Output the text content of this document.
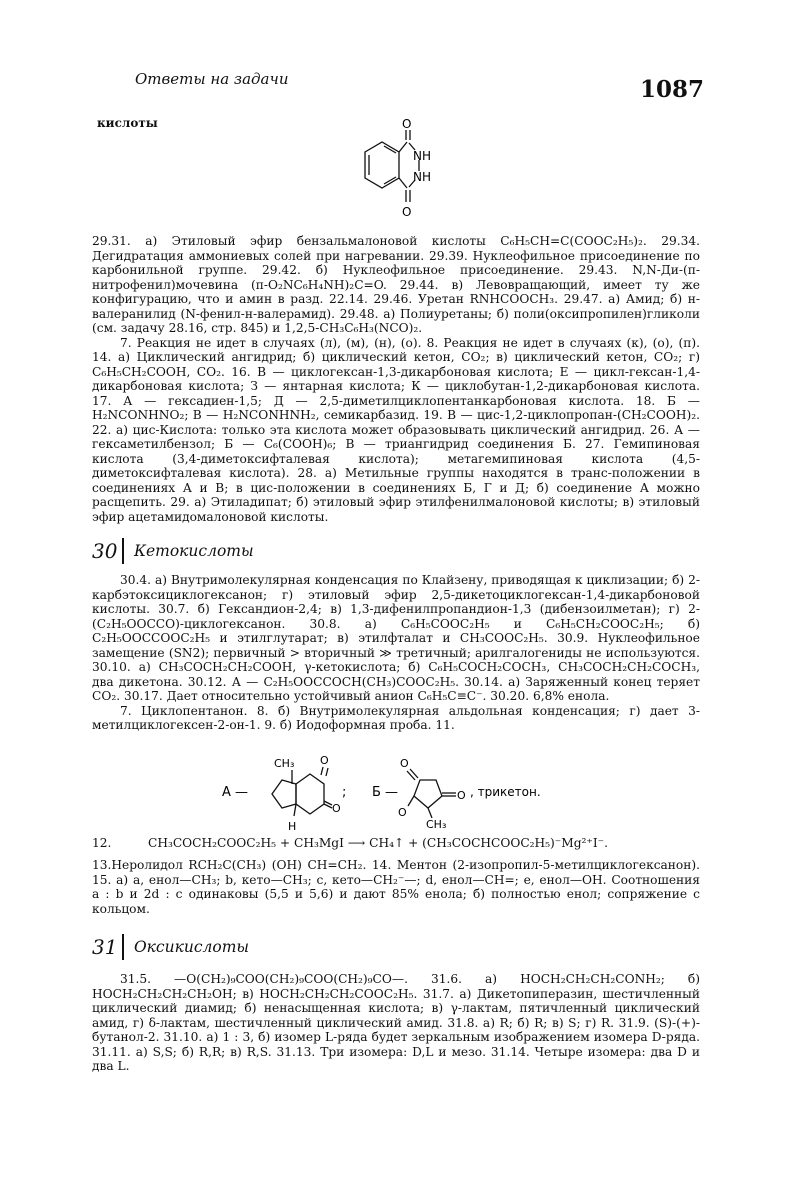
Ответы на задачи	1087
кислоты	O
NH
NH
O

29.31. а) Этиловый эфир бензальмалоновой кислоты C₆H₅CH=C(COOC₂H₅)₂. 29.34. Дегидратация аммониевых солей при нагревании. 29.39. Нуклеофильное присоединение по карбонильной группе. 29.42. б) Нуклеофильное присоединение. 29.43. N,N-Ди-(п-нитрофенил)мочевина (п-O₂NC₆H₄NH)₂C=O. 29.44. в) Левовращающий, имеет ту же конфигурацию, что и амин в разд. 22.14. 29.46. Уретан RNHCOOCH₃. 29.47. а) Амид; б) н-валеранилид (N-фенил-н-валерамид). 29.48. а) Полиуретаны; б) поли(оксипропилен)гликоли (см. задачу 28.16, стр. 845) и 1,2,5-CH₃C₆H₃(NCO)₂.

7. Реакция не идет в случаях (л), (м), (н), (о). 8. Реакция не идет в случаях (к), (о), (п). 14. а) Циклический ангидрид; б) циклический кетон, CO₂; в) циклический кетон, CO₂; г) C₆H₅CH₂COOH, CO₂. 16. В — циклогексан-1,3-дикарбоновая кислота; Е — цикл-гексан-1,4-дикарбоновая кислота; З — янтарная кислота; К — циклобутан-1,2-дикарбоновая кислота. 17. А — гексадиен-1,5; Д — 2,5-диметилциклопентанкарбоновая кислота. 18. Б — H₂NCONHNO₂; В — H₂NCONHNH₂, семикарбазид. 19. В — цис-1,2-циклопропан-(CH₂COOH)₂. 22. а) цис-Кислота: только эта кислота может образовывать циклический ангидрид. 26. А — гексаметилбензол; Б — C₆(COOH)₆; В — триангидрид соединения Б. 27. Гемипиновая кислота (3,4-диметоксифталевая кислота); метагемипиновая кислота (4,5-диметоксифталевая кислота). 28. а) Метильные группы находятся в транс-положении в соединениях А и В; в цис-положении в соединениях Б, Г и Д; б) соединение А можно расщепить. 29. а) Этиладипат; б) этиловый эфир этилфенилмалоновой кислоты; в) этиловый эфир ацетамидомалоновой кислоты.

30 Кетокислоты

30.4. а) Внутримолекулярная конденсация по Клайзену, приводящая к циклизации; б) 2-карбэтоксициклогексанон; г) этиловый эфир 2,5-дикетоциклогексан-1,4-дикарбоновой кислоты. 30.7. б) Гександион-2,4; в) 1,3-дифенилпропандион-1,3 (дибензоилметан); г) 2-(C₂H₅OOCCO)-циклогексанон. 30.8. а) C₆H₅COOC₂H₅ и C₆H₅CH₂COOC₂H₅; б) C₂H₅OOCCOOC₂H₅ и этилглутарат; в) этилфталат и CH₃COOC₂H₅. 30.9. Нуклеофильное замещение (SN2); первичный > вторичный ≫ третичный; арилгалогениды не используются. 30.10. а) CH₃COCH₂CH₂COOH, γ-кетокислота; б) C₆H₅COCH₂COCH₃, CH₃COCH₂CH₂COCH₃, два дикетона. 30.12. А — C₂H₅OOCCOCH(CH₃)COOC₂H₅. 30.14. а) Заряженный конец теряет CO₂. 30.17. Дает относительно устойчивый анион C₆H₅C≡C⁻. 30.20. 6,8% енола.

7. Циклопентанон. 8. б) Внутримолекулярная альдольная конденсация; г) дает 3-метилциклогексен-2-он-1. 9. б) Иодоформная проба. 11.

А —
CH₃ O
O
H
; Б —
O
O
O
CH₃
, трикетон.
12.	CH₃COCH₂COOC₂H₅ + CH₃MgI ⟶ CH₄↑ + (CH₃COCHCOOC₂H₅)⁻Mg²⁺I⁻.

13.Неролидол RCH₂C(CH₃) (OH) CH=CH₂. 14. Ментон (2-изопропил-5-метилциклогексанон). 15. а) a, енол—CH₃; b, кето—CH₃; c, кето—CH₂⁻—; d, енол—CH=; e, енол—OH. Соотношения a : b и 2d : c одинаковы (5,5 и 5,6) и дают 85% енола; б) полностью енол; сопряжение с кольцом.

31 Оксикислоты

31.5. —O(CH₂)₉COO(CH₂)₉COO(CH₂)₉CO—. 31.6. а) HOCH₂CH₂CH₂CONH₂; б) HOCH₂CH₂CH₂CH₂OH; в) HOCH₂CH₂CH₂COOC₂H₅. 31.7. а) Дикетопиперазин, шестичленный циклический диамид; б) ненасыщенная кислота; в) γ-лактам, пятичленный циклический амид, г) δ-лактам, шестичленный циклический амид. 31.8. а) R; б) R; в) S; г) R. 31.9. (S)-(+)-бутанол-2. 31.10. а) 1 : 3, б) изомер L-ряда будет зеркальным изображением изомера D-ряда. 31.11. а) S,S; б) R,R; в) R,S. 31.13. Три изомера: D,L и мезо. 31.14. Четыре изомера: два D и два L.
